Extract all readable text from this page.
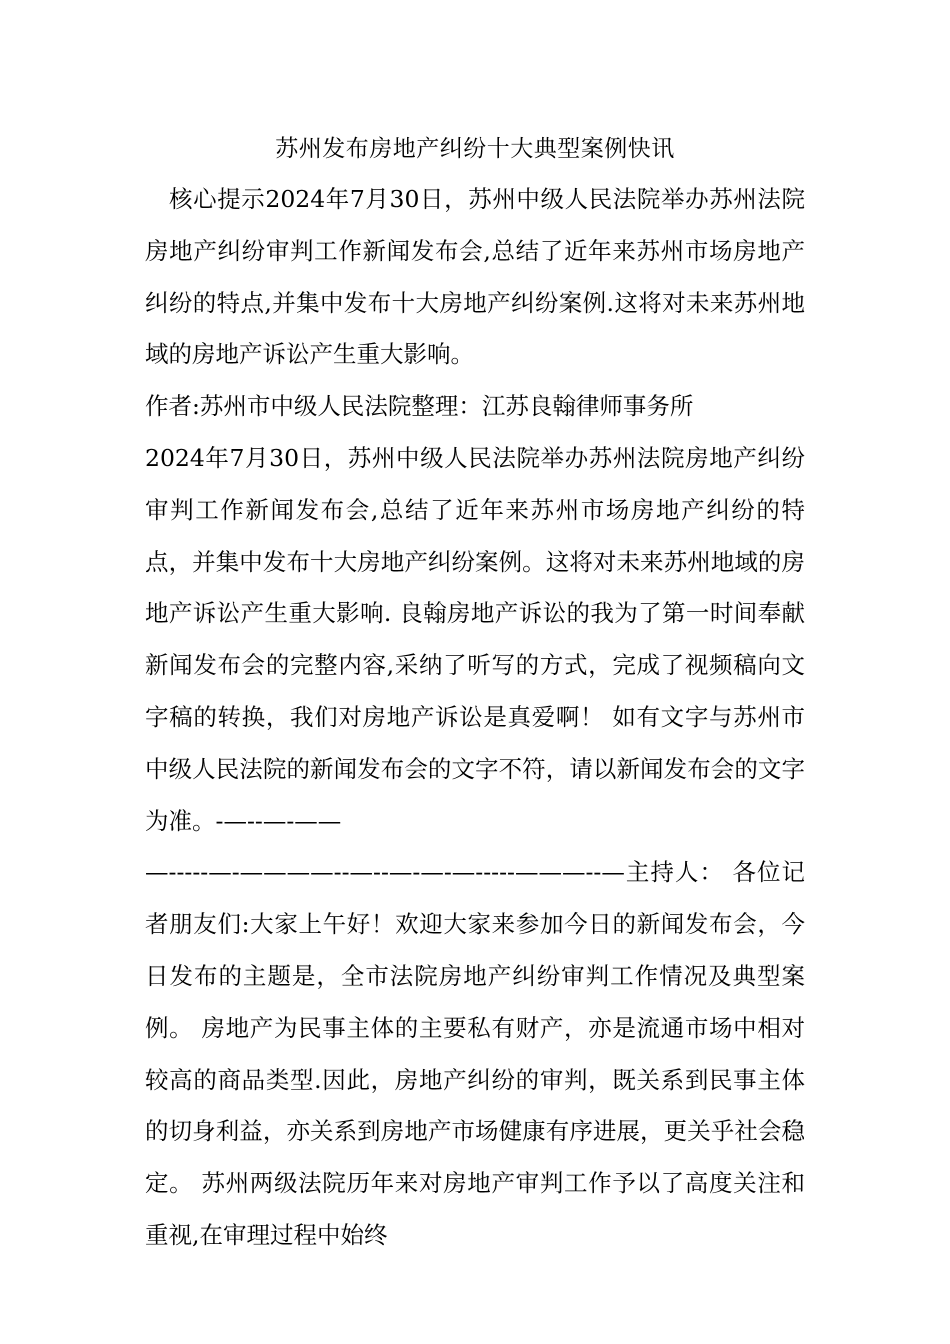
苏州发布房地产纠纷十大典型案例快讯

核心提示2024年7月30日，苏州中级人民法院举办苏州法院房地产纠纷审判工作新闻发布会,总结了近年来苏州市场房地产纠纷的特点,并集中发布十大房地产纠纷案例.这将对未来苏州地域的房地产诉讼产生重大影响。

作者:苏州市中级人民法院整理：江苏良翰律师事务所

2024年7月30日，苏州中级人民法院举办苏州法院房地产纠纷审判工作新闻发布会,总结了近年来苏州市场房地产纠纷的特点，并集中发布十大房地产纠纷案例。这将对未来苏州地域的房地产诉讼产生重大影响. 良翰房地产诉讼的我为了第一时间奉献新闻发布会的完整内容,采纳了听写的方式，完成了视频稿向文字稿的转换，我们对房地产诉讼是真爱啊！ 如有文字与苏州市中级人民法院的新闻发布会的文字不符，请以新闻发布会的文字为准。-—--—-——

—-----—-————--—--—-—-—-----———--—主持人： 各位记者朋友们:大家上午好！欢迎大家来参加今日的新闻发布会，今日发布的主题是，全市法院房地产纠纷审判工作情况及典型案例。 房地产为民事主体的主要私有财产，亦是流通市场中相对较高的商品类型.因此，房地产纠纷的审判，既关系到民事主体的切身利益，亦关系到房地产市场健康有序进展，更关乎社会稳定。 苏州两级法院历年来对房地产审判工作予以了高度关注和重视,在审理过程中始终
